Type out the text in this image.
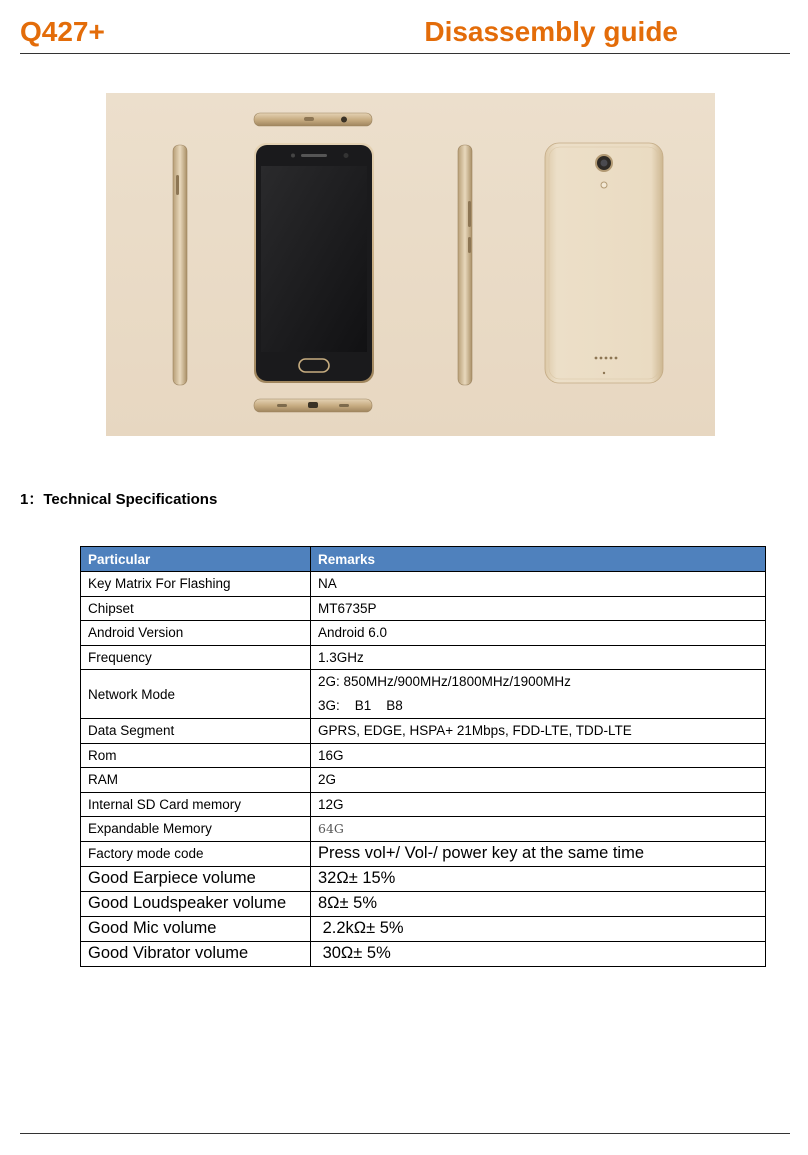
Q427+	Disassembly guide
1：Technical Specifications
Particular	Remarks
Key Matrix For Flashing	NA
Chipset	MT6735P
Android Version	Android 6.0
Frequency	1.3GHz
Network Mode	2G: 850MHz/900MHz/1800MHz/1900MHz
3G:    B1    B8

Data Segment	GPRS, EDGE, HSPA+ 21Mbps, FDD-LTE, TDD-LTE
Rom	16G
RAM	2G
Internal SD Card memory	12G
Expandable Memory	64G
Factory mode code	Press vol+/ Vol-/ power key at the same time
Good Earpiece volume	32Ω± 15%
Good Loudspeaker volume	8Ω± 5%
Good Mic volume	2.2kΩ± 5%
Good Vibrator volume	30Ω± 5%
